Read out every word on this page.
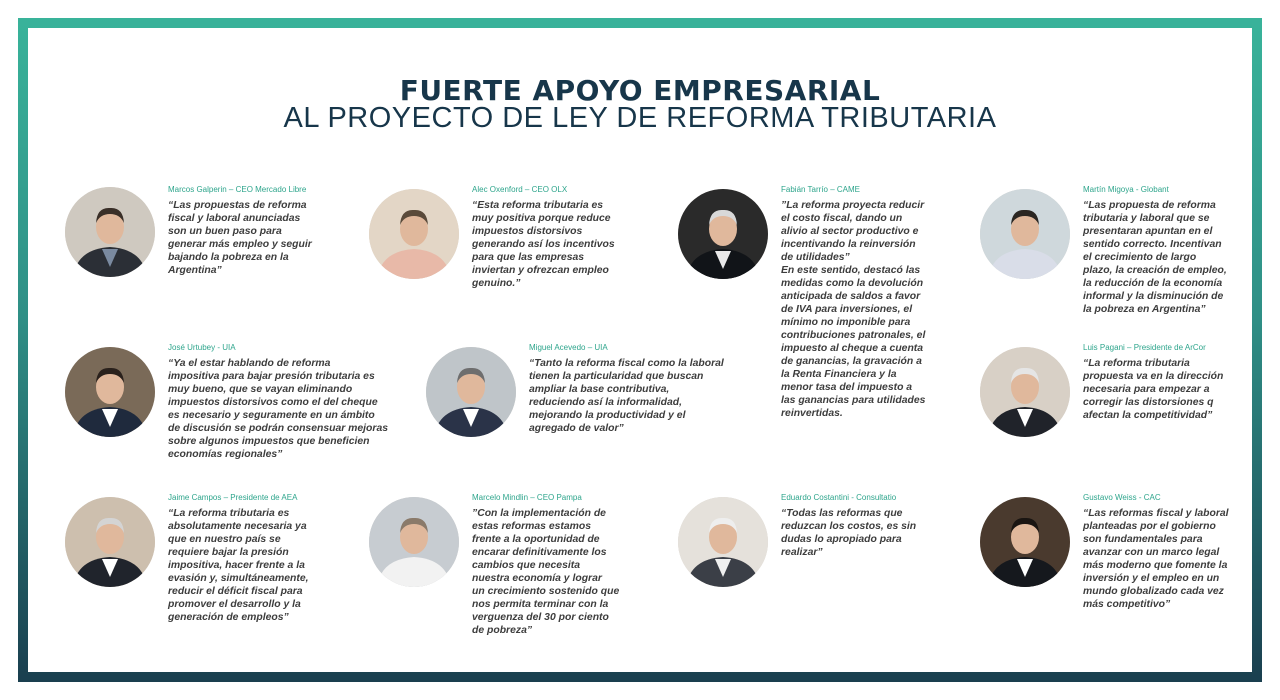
FUERTE APOYO EMPRESARIAL
AL PROYECTO DE LEY DE REFORMA TRIBUTARIA
Marcos Galperin – CEO Mercado Libre
“Las propuestas de reforma
fiscal y laboral anunciadas
son un buen paso para
generar más empleo y seguir
bajando la pobreza en la
Argentina”
Alec Oxenford – CEO OLX
“Esta reforma tributaria es
muy positiva porque reduce
impuestos distorsivos
generando así los incentivos
para que las empresas
inviertan y ofrezcan empleo
genuino.”
Fabián Tarrío – CAME
”La reforma proyecta reducir
el costo fiscal, dando un
alivio al sector productivo e
incentivando la reinversión
de utilidades”
En este sentido, destacó las
medidas como la devolución
anticipada de saldos a favor
de IVA para inversiones, el
mínimo no imponible para
contribuciones patronales, el
impuesto al cheque a cuenta
de ganancias, la gravación a
la Renta Financiera y la
menor tasa del impuesto a
las ganancias para utilidades
reinvertidas.
Martín Migoya - Globant
“Las propuesta de reforma
tributaria y laboral que se
presentaran apuntan en el
sentido correcto. Incentivan
el crecimiento de largo
plazo, la creación de empleo,
la reducción de la economía
informal y la disminución de
la pobreza en Argentina”
José Urtubey - UIA
“Ya el estar hablando de reforma
impositiva para bajar presión tributaria es
muy bueno, que se vayan eliminando
impuestos distorsivos como el del cheque
es necesario y seguramente en un ámbito
de discusión se podrán consensuar mejoras
sobre algunos impuestos que beneficien
economías regionales”
Miguel Acevedo – UIA
“Tanto la reforma fiscal como la laboral
tienen la particularidad que buscan
ampliar la base contributiva,
reduciendo así la informalidad,
mejorando la productividad y el
agregado de valor”
Luis Pagani – Presidente de ArCor
“La reforma tributaria
propuesta va en la dirección
necesaria para empezar a
corregir las distorsiones q
afectan la competitividad”
Jaime Campos – Presidente de AEA
“La reforma tributaria es
absolutamente necesaria ya
que en nuestro país se
requiere bajar la presión
impositiva, hacer frente a la
evasión y, simultáneamente,
reducir el déficit fiscal para
promover el desarrollo y la
generación de empleos”
Marcelo Mindlin – CEO Pampa
”Con la implementación de
estas reformas estamos
frente a la oportunidad de
encarar definitivamente los
cambios que necesita
nuestra economía y lograr
un crecimiento sostenido que
nos permita terminar con la
verguenza del 30 por ciento
de pobreza”
Eduardo Costantini - Consultatio
“Todas las reformas que
reduzcan los costos, es sin
dudas lo apropiado para
realizar”
Gustavo Weiss - CAC
“Las reformas fiscal y laboral
planteadas por el gobierno
son fundamentales para
avanzar con un marco legal
más moderno que fomente la
inversión y el empleo en un
mundo globalizado cada vez
más competitivo”
